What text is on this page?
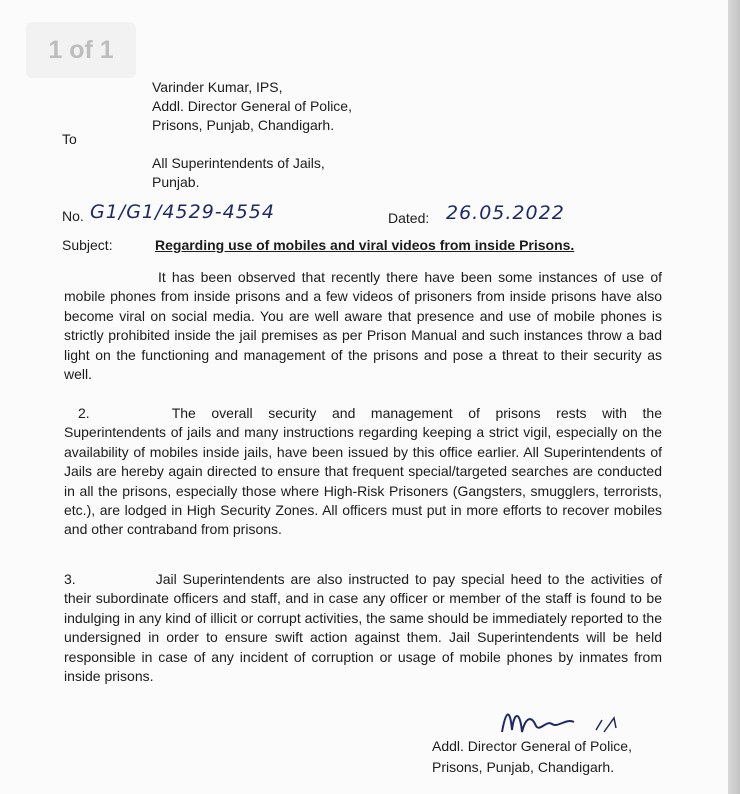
1 of 1
Varinder Kumar, IPS,
Addl. Director General of Police,
Prisons, Punjab, Chandigarh.
To
All Superintendents of Jails,
Punjab.
No. G1/G1/4529-4554	Dated: 26.05.2022
Subject:	Regarding use of mobiles and viral videos from inside Prisons.
It has been observed that recently there have been some instances of use of mobile phones from inside prisons and a few videos of prisoners from inside prisons have also become viral on social media. You are well aware that presence and use of mobile phones is strictly prohibited inside the jail premises as per Prison Manual and such instances throw a bad light on the functioning and management of the prisons and pose a threat to their security as well.
2.	The overall security and management of prisons rests with the Superintendents of jails and many instructions regarding keeping a strict vigil, especially on the availability of mobiles inside jails, have been issued by this office earlier. All Superintendents of Jails are hereby again directed to ensure that frequent special/targeted searches are conducted in all the prisons, especially those where High-Risk Prisoners (Gangsters, smugglers, terrorists, etc.), are lodged in High Security Zones. All officers must put in more efforts to recover mobiles and other contraband from prisons.
3.	Jail Superintendents are also instructed to pay special heed to the activities of their subordinate officers and staff, and in case any officer or member of the staff is found to be indulging in any kind of illicit or corrupt activities, the same should be immediately reported to the undersigned in order to ensure swift action against them. Jail Superintendents will be held responsible in case of any incident of corruption or usage of mobile phones by inmates from inside prisons.
Addl. Director General of Police,
Prisons, Punjab, Chandigarh.
